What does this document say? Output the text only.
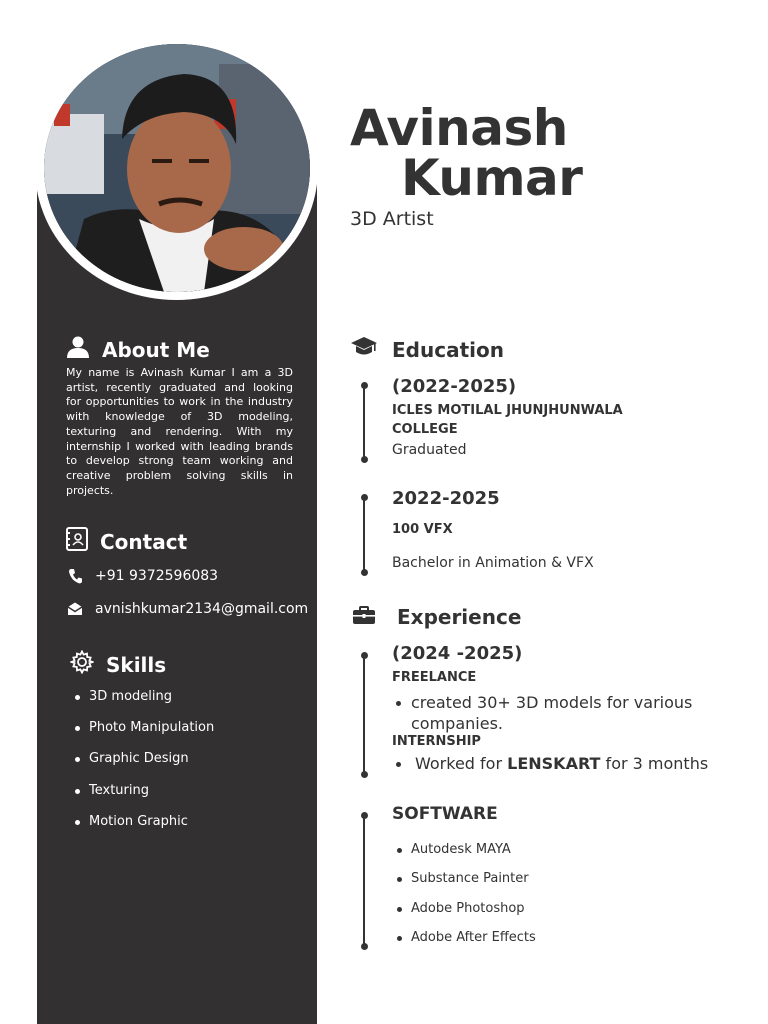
Avinash
Kumar
3D Artist
About Me
My name is Avinash Kumar I am a 3D artist, recently graduated and looking for opportunities to work in the industry with knowledge of 3D modeling, texturing and rendering. With my internship I worked with leading brands to develop strong team working and creative problem solving skills in projects.
Contact
+91 9372596083
avnishkumar2134@gmail.com
Skills
3D modeling
Photo Manipulation
Graphic Design
Texturing
Motion Graphic
Education
(2022-2025)
ICLES MOTILAL JHUNJHUNWALA
COLLEGE
Graduated
2022-2025
100 VFX
Bachelor in Animation & VFX
Experience
(2024 -2025)
FREELANCE
created 30+ 3D models for various companies.
INTERNSHIP
Worked for LENSKART for 3 months
SOFTWARE
Autodesk MAYA
Substance Painter
Adobe Photoshop
Adobe After Effects
